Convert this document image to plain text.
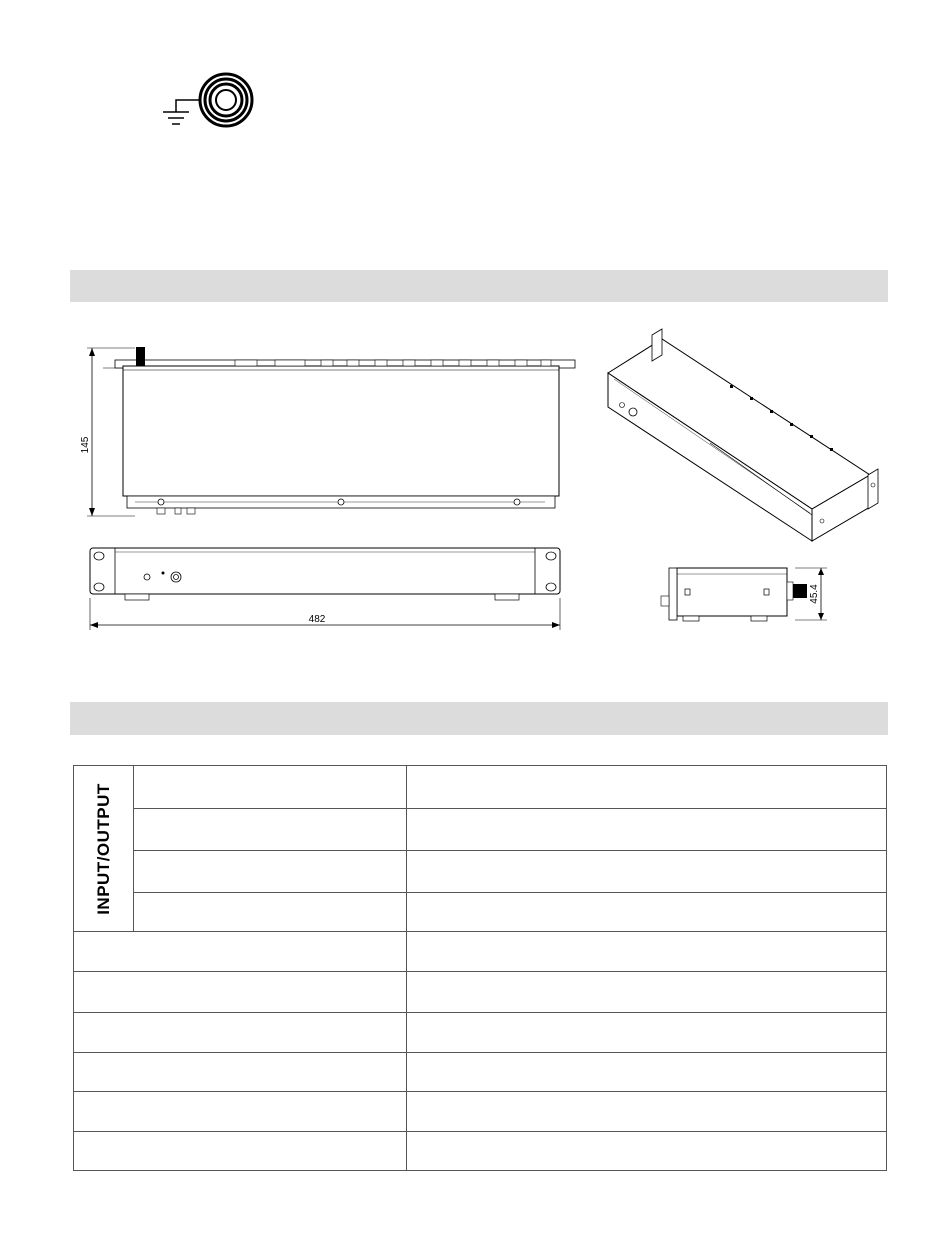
145
482
45.4
INPUT/OUTPUT		
